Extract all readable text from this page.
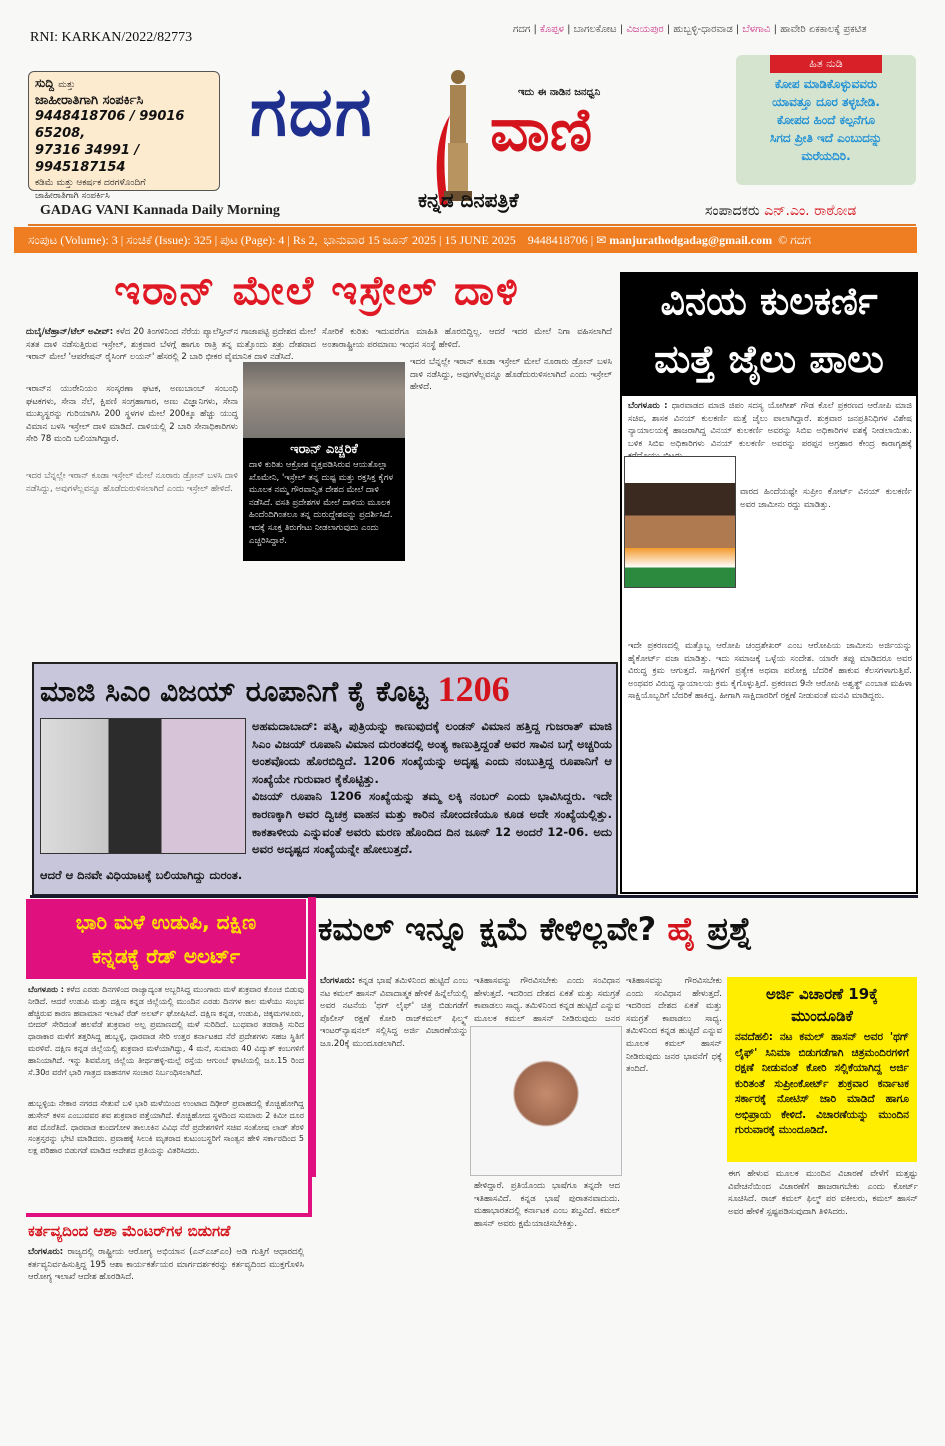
RNI: KARKAN/2022/82773
ಸುದ್ದಿ ಮತ್ತು
ಜಾಹೀರಾತಿಗಾಗಿ ಸಂಪರ್ಕಿಸಿ
9448418706 / 99016 65208,
97316 34991 / 9945187154
ಕಡಿಮೆ ಮತ್ತು ಆಕರ್ಷಕ ದರಗಳೊಂದಿಗೆ
ಜಾಹೀರಾತಿಗಾಗಿ ಸಂಪರ್ಕಿಸಿ
GADAG VANI Kannada Daily Morning
ಗದಗ	ಇದು ಈ ನಾಡಿನ ಜನಧ್ವನಿ
ವಾಣಿ
ಕನ್ನಡ ದಿನಪತ್ರಿಕೆ
ಗದಗ | ಕೊಪ್ಪಳ | ಬಾಗಲಕೋಟ | ವಿಜಯಪುರ | ಹುಬ್ಬಳ್ಳಿ-ಧಾರವಾಡ | ಬೆಳಗಾವಿ | ಹಾವೇರಿ ಏಕಕಾಲಕ್ಕೆ ಪ್ರಕಟಿತ
ಹಿತ ನುಡಿ
ಕೋಪ ಮಾಡಿಕೊಳ್ಳುವವರು
ಯಾವತ್ತೂ ದೂರ ತಳ್ಳಬೇಡಿ.
ಕೋಪದ ಹಿಂದೆ ಕಲ್ಪನೆಗೂ
ಸಿಗದ ಪ್ರೀತಿ ಇದೆ ಎಂಬುದನ್ನು
ಮರೆಯದಿರಿ.
ಸಂಪಾದಕರು ಎನ್.ಎಂ. ರಾಠೋಡ
ಸಂಪುಟ (Volume): 3 | ಸಂಚಿಕೆ (Issue): 325 | ಪುಟ (Page): 4 | Rs 2, ಭಾನುವಾರ 15 ಜೂನ್ 2025 | 15 JUNE 2025 9448418706 | ✉ manjurathodgadag@gmail.com © ಗದಗ
ಇರಾನ್ ಮೇಲೆ ಇಸ್ರೇಲ್ ದಾಳಿ
ದುಬೈ/ಟೆಹ್ರಾನ್/ಟೆಲ್ ಅವೀವ್: ಕಳೆದ 20 ತಿಂಗಳಿನಿಂದ ನೆರೆಯ ಪ್ಯಾಲೆಸ್ತೀನ್‌ನ ಗಾಜಾಪಟ್ಟಿ ಪ್ರದೇಶದ ಮೇಲೆ ಸತತ ದಾಳಿ ನಡೆಸುತ್ತಿರುವ ಇಸ್ರೇಲ್, ಶುಕ್ರವಾರ ಬೆಳಗ್ಗೆ ಹಾಗೂ ರಾತ್ರಿ ತನ್ನ ಮತ್ತೊಂದು ಶತ್ರು ದೇಶವಾದ ಇರಾನ್ ಮೇಲೆ 'ಆಪರೇಷನ್ ರೈಸಿಂಗ್ ಲಯನ್' ಹೆಸರಲ್ಲಿ 2 ಬಾರಿ ಭೀಕರ ವೈಮಾನಿಕ ದಾಳಿ ನಡೆಸಿದೆ.
ಇರಾನ್‌ನ ಯುರೇನಿಯಂ ಸಂಸ್ಕರಣಾ ಘಟಕ, ಅಣುಬಾಂಬ್ ಸಂಬಂಧಿ ಘಟಕಗಳು, ಸೇನಾ ನೆಲೆ, ಕ್ಷಿಪಣಿ ಸಂಗ್ರಹಾಗಾರ, ಅಣು ವಿಜ್ಞಾನಿಗಳು, ಸೇನಾ ಮುಖ್ಯಸ್ಥರನ್ನು ಗುರಿಯಾಗಿಸಿ 200 ಸ್ಥಳಗಳ ಮೇಲೆ 200ಕ್ಕೂ ಹೆಚ್ಚು ಯುದ್ಧ ವಿಮಾನ ಬಳಸಿ ಇಸ್ರೇಲ್ ದಾಳಿ ಮಾಡಿದೆ. ದಾಳಿಯಲ್ಲಿ 2 ಬಾರಿ ಸೇನಾಧಿಕಾರಿಗಳು ಸೇರಿ 78 ಮಂದಿ ಬಲಿಯಾಗಿದ್ದಾರೆ.
ಇದರ ಬೆನ್ನಲ್ಲೇ ಇರಾನ್ ಕೂಡಾ ಇಸ್ರೇಲ್ ಮೇಲೆ ನೂರಾರು ಡ್ರೋನ್ ಬಳಸಿ ದಾಳಿ ನಡೆಸಿದ್ದು, ಅವುಗಳೆಲ್ಲವನ್ನೂ ಹೊಡೆದುರುಳಿಸಲಾಗಿದೆ ಎಂದು ಇಸ್ರೇಲ್ ಹೇಳಿದೆ.
ಸೋರಿಕೆ ಕುರಿತು ಇದುವರೆಗೂ ಮಾಹಿತಿ ಹೊರಬಿದ್ದಿಲ್ಲ. ಆದರೆ ಇದರ ಮೇಲೆ ನಿಗಾ ವಹಿಸಲಾಗಿದೆ ಅಂತಾರಾಷ್ಟ್ರೀಯ ಪರಮಾಣು ಇಂಧನ ಸಂಸ್ಥೆ ಹೇಳಿದೆ.
ಇದರ ಬೆನ್ನಲ್ಲೇ ಇರಾನ್ ಕೂಡಾ ಇಸ್ರೇಲ್ ಮೇಲೆ ನೂರಾರು ಡ್ರೋನ್ ಬಳಸಿ ದಾಳಿ ನಡೆಸಿದ್ದು, ಅವುಗಳೆಲ್ಲವನ್ನೂ ಹೊಡೆದುರುಳಿಸಲಾಗಿದೆ ಎಂದು ಇಸ್ರೇಲ್ ಹೇಳಿದೆ.
ಇರಾನ್ ಎಚ್ಚರಿಕೆ
ದಾಳಿ ಕುರಿತು ಆಕ್ರೋಶ ವ್ಯಕ್ತಪಡಿಸಿರುವ ಆಯತೊಲ್ಲಾ ಖೊಮೇನಿ, 'ಇಸ್ರೇಲ್ ತನ್ನ ದುಷ್ಟ ಮತ್ತು ರಕ್ತಸಿಕ್ತ ಕೈಗಳ ಮೂಲಕ ನಮ್ಮ ಗೌರವಾನ್ವಿತ ದೇಶದ ಮೇಲೆ ದಾಳಿ ನಡೆಸಿದೆ. ವಸತಿ ಪ್ರದೇಶಗಳ ಮೇಲೆ ದಾಳಿಯ ಮೂಲಕ ಹಿಂದೆಂದಿಗಿಂತಲೂ ತನ್ನ ದುರುದ್ದೇಶವನ್ನು ಪ್ರದರ್ಶಿಸಿದೆ. ಇದಕ್ಕೆ ಸೂಕ್ತ ತಿರುಗೇಟು ನೀಡಲಾಗುವುದು ಎಂದು ಎಚ್ಚರಿಸಿದ್ದಾರೆ.
ವಿನಯ ಕುಲಕರ್ಣಿ
ಮತ್ತೆ ಜೈಲು ಪಾಲು
ಬೆಂಗಳೂರು : ಧಾರವಾಡದ ಮಾಜಿ ಜಿಪಂ ಸದಸ್ಯ ಯೋಗೀಶ್ ಗೌಡ ಕೊಲೆ ಪ್ರಕರಣದ ಆರೋಪಿ ಮಾಜಿ ಸಚಿವ, ಶಾಸಕ ವಿನಯ್ ಕುಲಕರ್ಣಿ ಮತ್ತೆ ಜೈಲು ಪಾಲಾಗಿದ್ದಾರೆ. ಶುಕ್ರವಾರ ಜನಪ್ರತಿನಿಧಿಗಳ ವಿಶೇಷ ನ್ಯಾಯಾಲಯಕ್ಕೆ ಹಾಜರಾಗಿದ್ದ ವಿನಯ್ ಕುಲಕರ್ಣಿ ಅವರನ್ನು ಸಿಬಿಐ ಅಧಿಕಾರಿಗಳ ವಶಕ್ಕೆ ನೀಡಲಾಯಿತು. ಬಳಿಕ ಸಿಬಿಐ ಅಧಿಕಾರಿಗಳು ವಿನಯ್ ಕುಲಕರ್ಣಿ ಅವರನ್ನು ಪರಪ್ಪನ ಅಗ್ರಹಾರ ಕೇಂದ್ರ ಕಾರಾಗೃಹಕ್ಕೆ
ವಾರದ ಹಿಂದೆಯಷ್ಟೇ ಸುಪ್ರೀಂ ಕೋರ್ಟ್ ವಿನಯ್ ಕುಲಕರ್ಣಿ ಅವರ ಜಾಮೀನು ರದ್ದು ಮಾಡಿತ್ತು.
ಇದೇ ಪ್ರಕರಣದಲ್ಲಿ ಮತ್ತೊಬ್ಬ ಆರೋಪಿ ಚಂದ್ರಶೇಖರ್ ಎಂಬ ಆರೋಪಿಯ ಜಾಮೀನು ಅರ್ಜಿಯನ್ನು ಹೈಕೋರ್ಟ್ ವಜಾ ಮಾಡಿತ್ತು. ಇದು ಸಮಾಜಕ್ಕೆ ಒಳ್ಳೆಯ ಸಂದೇಶ. ಯಾರೇ ತಪ್ಪು ಮಾಡಿದರೂ ಅವರ ವಿರುದ್ಧ ಕ್ರಮ ಆಗುತ್ತದೆ. ಸಾಕ್ಷಿಗಳಿಗೆ ಪ್ರತ್ಯೇಕ ಅಥವಾ ಪರೋಕ್ಷ ಬೆದರಿಕೆ ಹಾಕುವ ಕೆಲಸಗಳಾಗುತ್ತಿವೆ. ಅಂಥವರ ವಿರುದ್ಧ ನ್ಯಾಯಾಲಯ ಕ್ರಮ ಕೈಗೊಳ್ಳುತ್ತಿದೆ. ಪ್ರಕರಣದ 9ನೇ ಆರೋಪಿ ಅಶ್ವತ್ಥ್ ಎಂಬಾತ ಮಹಿಳಾ ಸಾಕ್ಷಿಯೊಬ್ಬರಿಗೆ ಬೆದರಿಕೆ ಹಾಕಿದ್ದ. ಹೀಗಾಗಿ ಸಾಕ್ಷಿದಾರರಿಗೆ ರಕ್ಷಣೆ ನೀಡುವಂತೆ ಮನವಿ ಮಾಡಿದ್ದರು.
ಮಾಜಿ ಸಿಎಂ ವಿಜಯ್ ರೂಪಾನಿಗೆ ಕೈ ಕೊಟ್ಟ 1206
ಅಹಮದಾಬಾದ್: ಪತ್ನಿ, ಪುತ್ರಿಯನ್ನು ಕಾಣುವುದಕ್ಕೆ ಲಂಡನ್ ವಿಮಾನ ಹತ್ತಿದ್ದ ಗುಜರಾತ್ ಮಾಜಿ ಸಿಎಂ ವಿಜಯ್ ರೂಪಾನಿ ವಿಮಾನ ದುರಂತದಲ್ಲಿ ಅಂತ್ಯ ಕಾಣುತ್ತಿದ್ದಂತೆ ಅವರ ಸಾವಿನ ಬಗ್ಗೆ ಅಚ್ಚರಿಯ ಅಂಶವೊಂದು ಹೊರಬಿದ್ದಿದೆ. 1206 ಸಂಖ್ಯೆಯನ್ನು ಅದೃಷ್ಟ ಎಂದು ನಂಬುತ್ತಿದ್ದ ರೂಪಾನಿಗೆ ಆ ಸಂಖ್ಯೆಯೇ ಗುರುವಾರ ಕೈಕೊಟ್ಟಿತ್ತು.
ವಿಜಯ್ ರೂಪಾನಿ 1206 ಸಂಖ್ಯೆಯನ್ನು ತಮ್ಮ ಲಕ್ಕಿ ನಂಬರ್ ಎಂದು ಭಾವಿಸಿದ್ದರು. ಇದೇ ಕಾರಣಕ್ಕಾಗಿ ಅವರ ದ್ವಿಚಕ್ರ ವಾಹನ ಮತ್ತು ಕಾರಿನ ನೋಂದಣಿಯೂ ಕೂಡ ಅದೇ ಸಂಖ್ಯೆಯಲ್ಲಿತ್ತು. ಕಾಕತಾಳೀಯ ಎನ್ನುವಂತೆ ಅವರು ಮರಣ ಹೊಂದಿದ ದಿನ ಜೂನ್ 12 ಅಂದರೆ 12-06. ಅದು ಅವರ ಅದೃಷ್ಟದ ಸಂಖ್ಯೆಯನ್ನೇ ಹೋಲುತ್ತದೆ.
ಆದರೆ ಆ ದಿನವೇ ವಿಧಿಯಾಟಕ್ಕೆ ಬಲಿಯಾಗಿದ್ದು ದುರಂತ.
ಭಾರಿ ಮಳೆ ಉಡುಪಿ, ದಕ್ಷಿಣ
ಕನ್ನಡಕ್ಕೆ ರೆಡ್ ಅಲರ್ಟ್
ಬೆಂಗಳೂರು : ಕಳೆದ ಎರಡು ದಿನಗಳಿಂದ ರಾಜ್ಯಾದ್ಯಂತ ಅಬ್ಬರಿಸಿದ್ದ ಮುಂಗಾರು ಮಳೆ ಶುಕ್ರವಾರ ಕೊಂಚ ಬಿಡುವು ನೀಡಿದೆ. ಆದರೆ ಉಡುಪಿ ಮತ್ತು ದಕ್ಷಿಣ ಕನ್ನಡ ಜಿಲ್ಲೆಯಲ್ಲಿ ಮುಂದಿನ ಎರಡು ದಿನಗಳ ಕಾಲ ಮಳೆಯು ಸಂಭವ ಹೆಚ್ಚಿರುವ ಕಾರಣ ಹವಾಮಾನ ಇಲಾಖೆ ರೆಡ್ ಅಲರ್ಟ್ ಘೋಷಿಸಿದೆ. ದಕ್ಷಿಣ ಕನ್ನಡ, ಉಡುಪಿ, ಚಿಕ್ಕಮಗಳೂರು, ಬೀದರ್ ಸೇರಿದಂತೆ ಹಲವೆಡೆ ಶುಕ್ರವಾರ ಅಲ್ಪ ಪ್ರಮಾಣದಲ್ಲಿ ಮಳೆ ಸುರಿದಿದೆ. ಬುಧವಾರ ತಡರಾತ್ರಿ ಸುರಿದ ಧಾರಾಕಾರ ಮಳೆಗೆ ತತ್ತರಿಸಿದ್ದ ಹುಬ್ಬಳ್ಳಿ, ಧಾರವಾಡ ಸೇರಿ ಉತ್ತರ ಕರ್ನಾಟಕದ ನೆರೆ ಪ್ರದೇಶಗಳು ಸಹಜ ಸ್ಥಿತಿಗೆ ಮರಳಿವೆ. ದಕ್ಷಿಣ ಕನ್ನಡ ಜಿಲ್ಲೆಯಲ್ಲಿ ಶುಕ್ರವಾರ ಮಳೆಯಾಗಿದ್ದು, 4 ಮನೆ, ಸುಮಾರು 40 ವಿದ್ಯುತ್ ಕಂಬಗಳಿಗೆ ಹಾನಿಯಾಗಿದೆ. ಇನ್ನು ಶಿವಮೊಗ್ಗ ಜಿಲ್ಲೆಯ ತೀರ್ಥಹಳ್ಳಿ-ಮಲ್ಪೆ ರಸ್ತೆಯ ಆಗುಂಬೆ ಘಾಟಿಯಲ್ಲಿ ಜೂ.15 ರಿಂದ ಸೆ.30ರ ವರೆಗೆ ಭಾರಿ ಗಾತ್ರದ ವಾಹನಗಳ ಸಂಚಾರ ನಿರ್ಬಂಧಿಸಲಾಗಿದೆ.
ಹುಬ್ಬಳ್ಳಿಯ ನೇಕಾರ ನಗರದ ಸೇತುವೆ ಬಳಿ ಭಾರಿ ಮಳೆಯಿಂದ ಉಂಟಾದ ದಿಢೀರ್ ಪ್ರವಾಹದಲ್ಲಿ ಕೊಚ್ಚಿಹೋಗಿದ್ದ ಹುಸೇನ್ ಕಳಸ ಎಂಬುವವರ ಶವ ಶುಕ್ರವಾರ ಪತ್ತೆಯಾಗಿದೆ. ಕೊಚ್ಚಿಹೋದ ಸ್ಥಳದಿಂದ ಸುಮಾರು 2 ಕಿಮೀ ದೂರ ಶವ ದೊರೆತಿದೆ. ಧಾರವಾಡ ಕುಂದಗೋಳ ತಾಲೂಕಿನ ವಿವಿಧ ನೆರೆ ಪ್ರದೇಶಗಳಿಗೆ ಸಚಿವ ಸಂತೋಷ ಲಾಡ್ ತೆರಳಿ ಸಂತ್ರಸ್ತರನ್ನು ಭೇಟಿ ಮಾಡಿದರು. ಪ್ರವಾಹಕ್ಕೆ ಸಿಲುಕಿ ಮೃತರಾದ ಕುಟುಂಬಸ್ಥರಿಗೆ ಸಾಂತ್ವನ ಹೇಳಿ ಸರ್ಕಾರದಿಂದ 5 ಲಕ್ಷ ಪರಿಹಾರ ಬಿಡುಗಡೆ ಮಾಡಿದ ಆದೇಶದ ಪ್ರತಿಯನ್ನು ವಿತರಿಸಿದರು.
ಕರ್ತವ್ಯದಿಂದ ಆಶಾ ಮೆಂಟರ್‌ಗಳ ಬಿಡುಗಡೆ
ಬೆಂಗಳೂರು: ರಾಜ್ಯದಲ್ಲಿ ರಾಷ್ಟ್ರೀಯ ಆರೋಗ್ಯ ಅಭಿಯಾನ (ಎನ್‌ಎಚ್‌ಎಂ) ಅಡಿ ಗುತ್ತಿಗೆ ಆಧಾರದಲ್ಲಿ ಕರ್ತವ್ಯನಿರ್ವಹಿಸುತ್ತಿದ್ದ 195 ಆಶಾ ಕಾರ್ಯಕರ್ತೆಯರ ಮಾರ್ಗದರ್ಶಕರನ್ನು ಕರ್ತವ್ಯದಿಂದ ಮುಕ್ತಗೊಳಿಸಿ ಆರೋಗ್ಯ ಇಲಾಖೆ ಆದೇಶ ಹೊರಡಿಸಿದೆ.
ಕಮಲ್ ಇನ್ನೂ ಕ್ಷಮೆ ಕೇಳಿಲ್ಲವೇ? ಹೈ ಪ್ರಶ್ನೆ
ಬೆಂಗಳೂರು: ಕನ್ನಡ ಭಾಷೆ ತಮಿಳಿನಿಂದ ಹುಟ್ಟಿದೆ ಎಂಬ ನಟ ಕಮಲ್ ಹಾಸನ್ ವಿವಾದಾತ್ಮಕ ಹೇಳಿಕೆ ಹಿನ್ನೆಲೆಯಲ್ಲಿ ಅವರ ನಟನೆಯ 'ಥಗ್ ಲೈಫ್' ಚಿತ್ರ ಬಿಡುಗಡೆಗೆ ಪೊಲೀಸ್ ರಕ್ಷಣೆ ಕೋರಿ ರಾಜ್‌ಕಮಲ್ ಫಿಲ್ಮ್ಸ್ ಇಂಟರ್‌ನ್ಯಾಷನಲ್ ಸಲ್ಲಿಸಿದ್ದ ಅರ್ಜಿ ವಿಚಾರಣೆಯನ್ನು ಜೂ.20ಕ್ಕೆ ಮುಂದೂಡಲಾಗಿದೆ.
ಇತಿಹಾಸವನ್ನು ಗೌರವಿಸಬೇಕು ಎಂದು ಸಂವಿಧಾನ ಹೇಳುತ್ತದೆ. ಇದರಿಂದ ದೇಶದ ಏಕತೆ ಮತ್ತು ಸಮಗ್ರತೆ ಕಾಪಾಡಲು ಸಾಧ್ಯ. ತಮಿಳಿನಿಂದ ಕನ್ನಡ ಹುಟ್ಟಿದೆ ಎನ್ನುವ ಮೂಲಕ ಕಮಲ್ ಹಾಸನ್ ನೀಡಿರುವುದು ಜನರ
ಹೇಳಿದ್ದಾರೆ. ಪ್ರತಿಯೊಂದು ಭಾಷೆಗೂ ತನ್ನದೇ ಆದ ಇತಿಹಾಸವಿದೆ. ಕನ್ನಡ ಭಾಷೆ ಪುರಾತನವಾದುದು. ಮಹಾಭಾರತದಲ್ಲಿ ಕರ್ನಾಟಕ ಎಂಬ ಶಬ್ದವಿದೆ. ಕಮಲ್ ಹಾಸನ್ ಅವರು ಕ್ಷಮೆಯಾಚಿಸಬೇಕಿತ್ತು.
ಇತಿಹಾಸವನ್ನು ಗೌರವಿಸಬೇಕು ಎಂದು ಸಂವಿಧಾನ ಹೇಳುತ್ತದೆ. ಇದರಿಂದ ದೇಶದ ಏಕತೆ ಮತ್ತು ಸಮಗ್ರತೆ ಕಾಪಾಡಲು ಸಾಧ್ಯ. ತಮಿಳಿನಿಂದ ಕನ್ನಡ ಹುಟ್ಟಿದೆ ಎನ್ನುವ ಮೂಲಕ ಕಮಲ್ ಹಾಸನ್ ನೀಡಿರುವುದು ಜನರ ಭಾವನೆಗೆ ಧಕ್ಕೆ ತಂದಿದೆ.
ಈಗ ಹೇಳುವ ಮೂಲಕ ಮುಂದಿನ ವಿಚಾರಣೆ ವೇಳೆಗೆ ಮತ್ತಷ್ಟು ವಿವೇಚನೆಯಿಂದ ವಿಚಾರಣೆಗೆ ಹಾಜರಾಗಬೇಕು ಎಂದು ಕೋರ್ಟ್ ಸೂಚಿಸಿದೆ. ರಾಜ್ ಕಮಲ್ ಫಿಲ್ಮ್ ಪರ ವಕೀಲರು, ಕಮಲ್ ಹಾಸನ್ ಅವರ ಹೇಳಿಕೆ ಸ್ಪಷ್ಟಪಡಿಸುವುದಾಗಿ ತಿಳಿಸಿದರು.
ಅರ್ಜಿ ವಿಚಾರಣೆ 19ಕ್ಕೆ ಮುಂದೂಡಿಕೆ
ನವದೆಹಲಿ: ನಟ ಕಮಲ್ ಹಾಸನ್ ಅವರ 'ಥಗ್ ಲೈಫ್' ಸಿನಿಮಾ ಬಿಡುಗಡೆಗಾಗಿ ಚಿತ್ರಮಂದಿರಗಳಿಗೆ ರಕ್ಷಣೆ ನೀಡುವಂತೆ ಕೋರಿ ಸಲ್ಲಿಕೆಯಾಗಿದ್ದ ಅರ್ಜಿ ಕುರಿತಂತೆ ಸುಪ್ರೀಂಕೋರ್ಟ್ ಶುಕ್ರವಾರ ಕರ್ನಾಟಕ ಸರ್ಕಾರಕ್ಕೆ ನೋಟಿಸ್ ಜಾರಿ ಮಾಡಿದೆ ಹಾಗೂ ಅಭಿಪ್ರಾಯ ಕೇಳಿದೆ. ವಿಚಾರಣೆಯನ್ನು ಮುಂದಿನ ಗುರುವಾರಕ್ಕೆ ಮುಂದೂಡಿದೆ.
